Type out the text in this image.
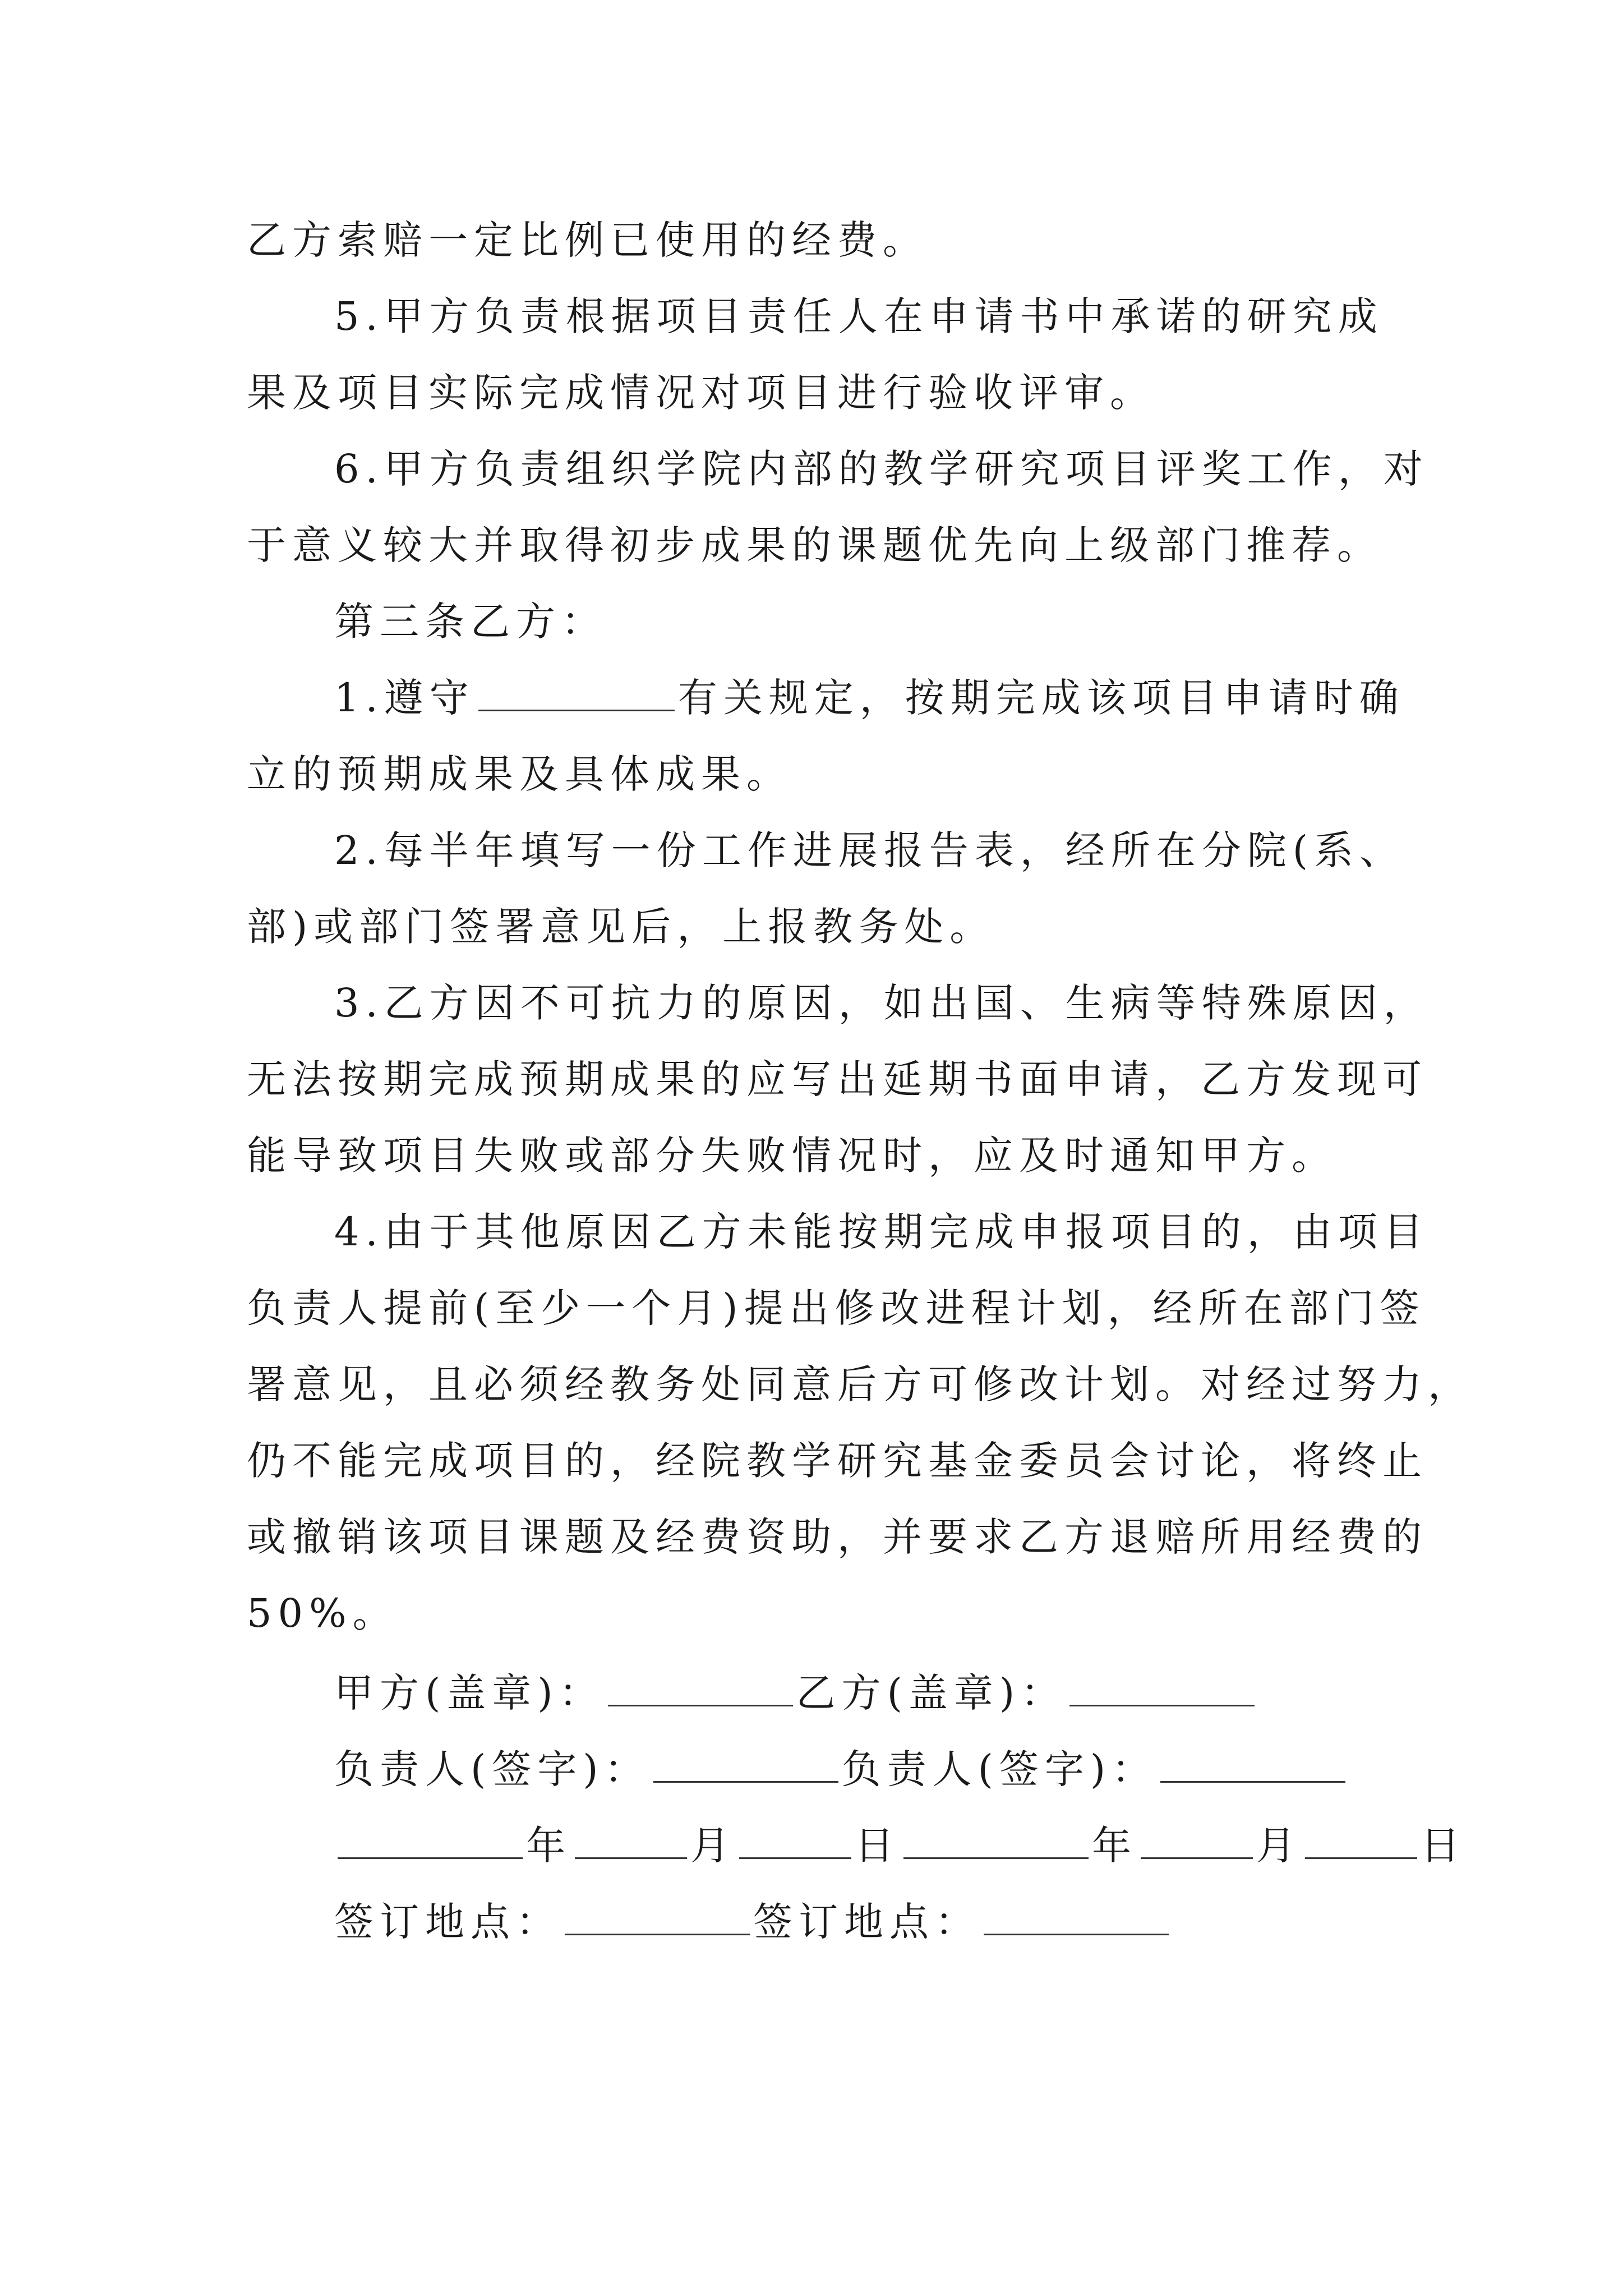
乙方索赔一定比例已使用的经费。
5.甲方负责根据项目责任人在申请书中承诺的研究成
果及项目实际完成情况对项目进行验收评审。
6.甲方负责组织学院内部的教学研究项目评奖工作，对
于意义较大并取得初步成果的课题优先向上级部门推荐。
第三条乙方：
1.遵守	有关规定，按期完成该项目申请时确
立的预期成果及具体成果。
2.每半年填写一份工作进展报告表，经所在分院(系、
部)或部门签署意见后，上报教务处。
3.乙方因不可抗力的原因，如出国、生病等特殊原因，
无法按期完成预期成果的应写出延期书面申请，乙方发现可
能导致项目失败或部分失败情况时，应及时通知甲方。
4.由于其他原因乙方未能按期完成申报项目的，由项目
负责人提前(至少一个月)提出修改进程计划，经所在部门签
署意见，且必须经教务处同意后方可修改计划。对经过努力，
仍不能完成项目的，经院教学研究基金委员会讨论，将终止
或撤销该项目课题及经费资助，并要求乙方退赔所用经费的
50%。
甲方(盖章)：	乙方(盖章)：
负责人(签字)：	负责人(签字)：
年	月	日	年	月	日
签订地点：	签订地点：
